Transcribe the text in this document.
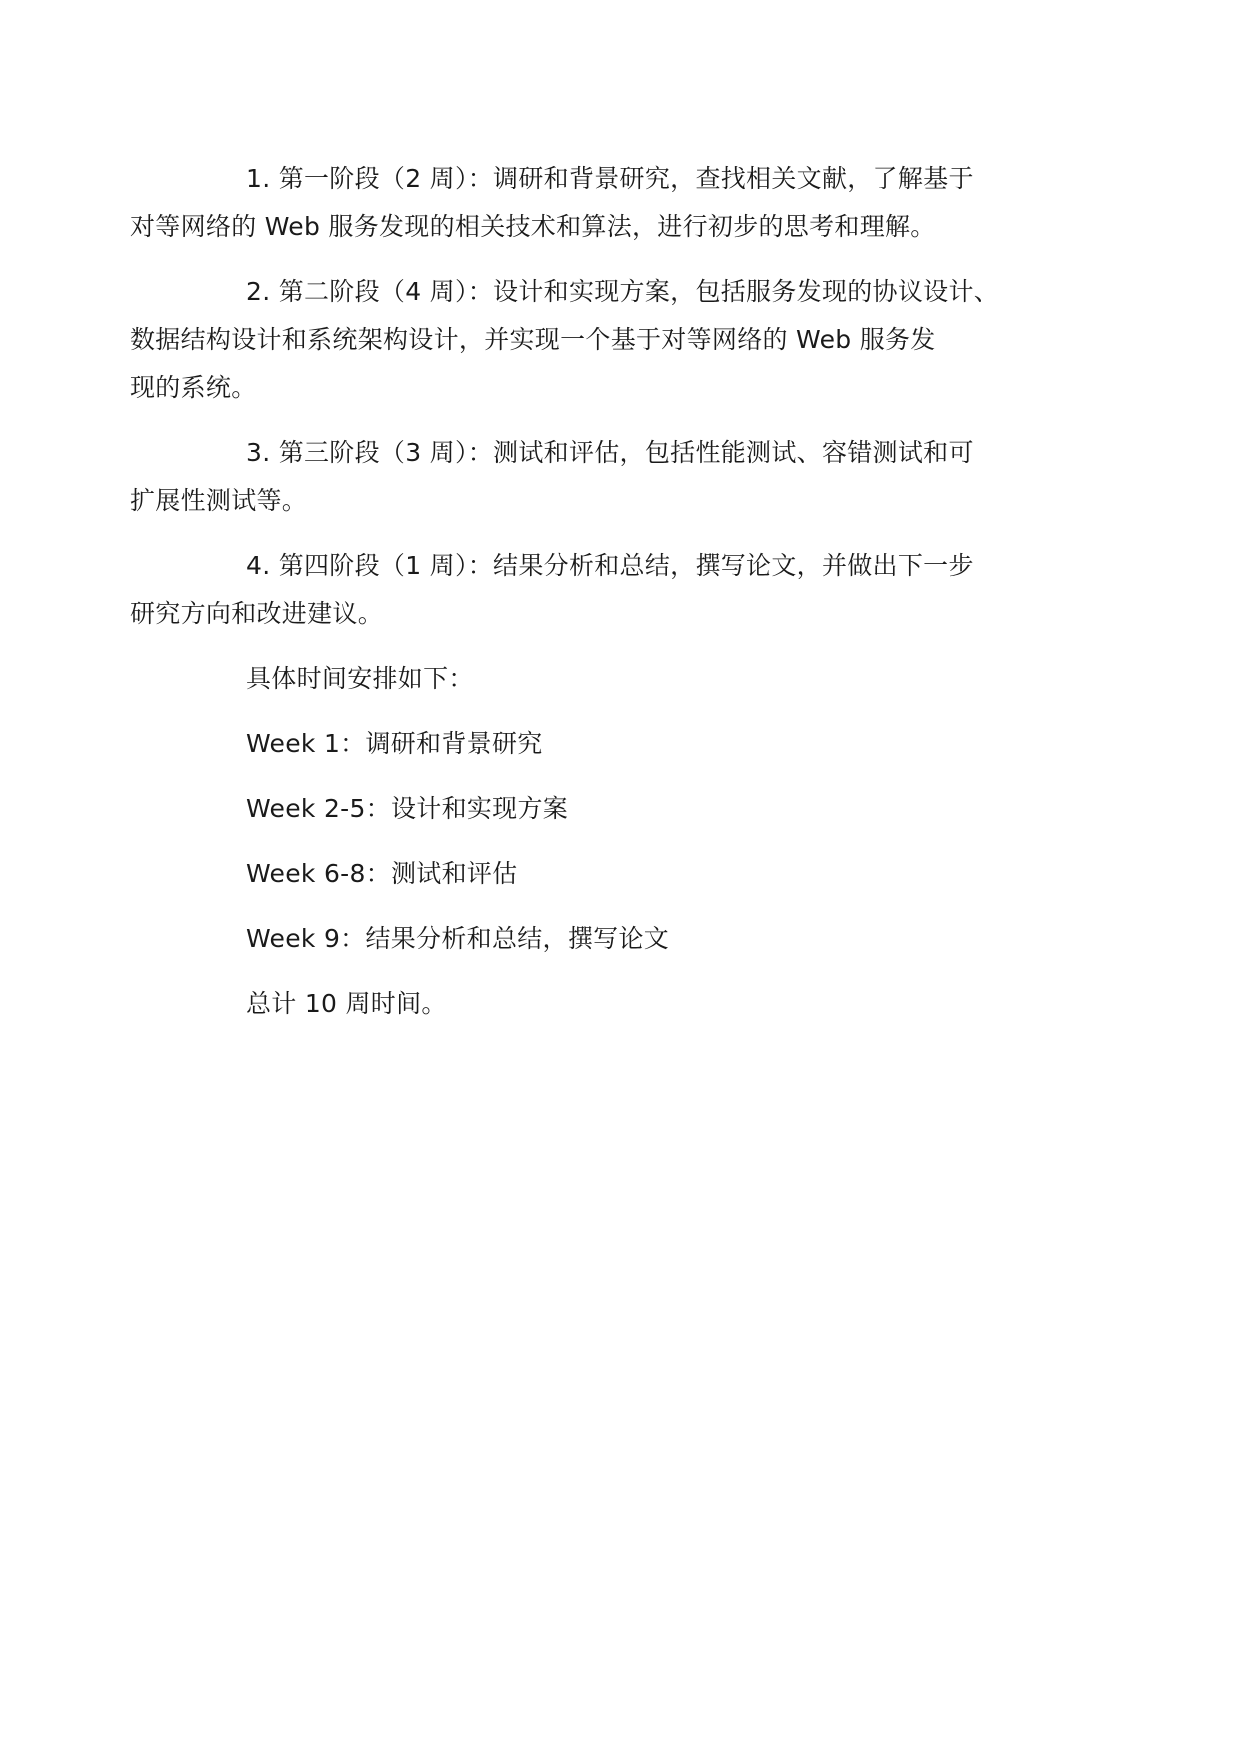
1. 第一阶段（2 周）：调研和背景研究，查找相关文献，了解基于
对等网络的 Web 服务发现的相关技术和算法，进行初步的思考和理解。

2. 第二阶段（4 周）：设计和实现方案，包括服务发现的协议设计、
数据结构设计和系统架构设计，并实现一个基于对等网络的 Web 服务发
现的系统。

3. 第三阶段（3 周）：测试和评估，包括性能测试、容错测试和可
扩展性测试等。

4. 第四阶段（1 周）：结果分析和总结，撰写论文，并做出下一步
研究方向和改进建议。

具体时间安排如下：

Week 1：调研和背景研究

Week 2-5：设计和实现方案

Week 6-8：测试和评估

Week 9：结果分析和总结，撰写论文

总计 10 周时间。
